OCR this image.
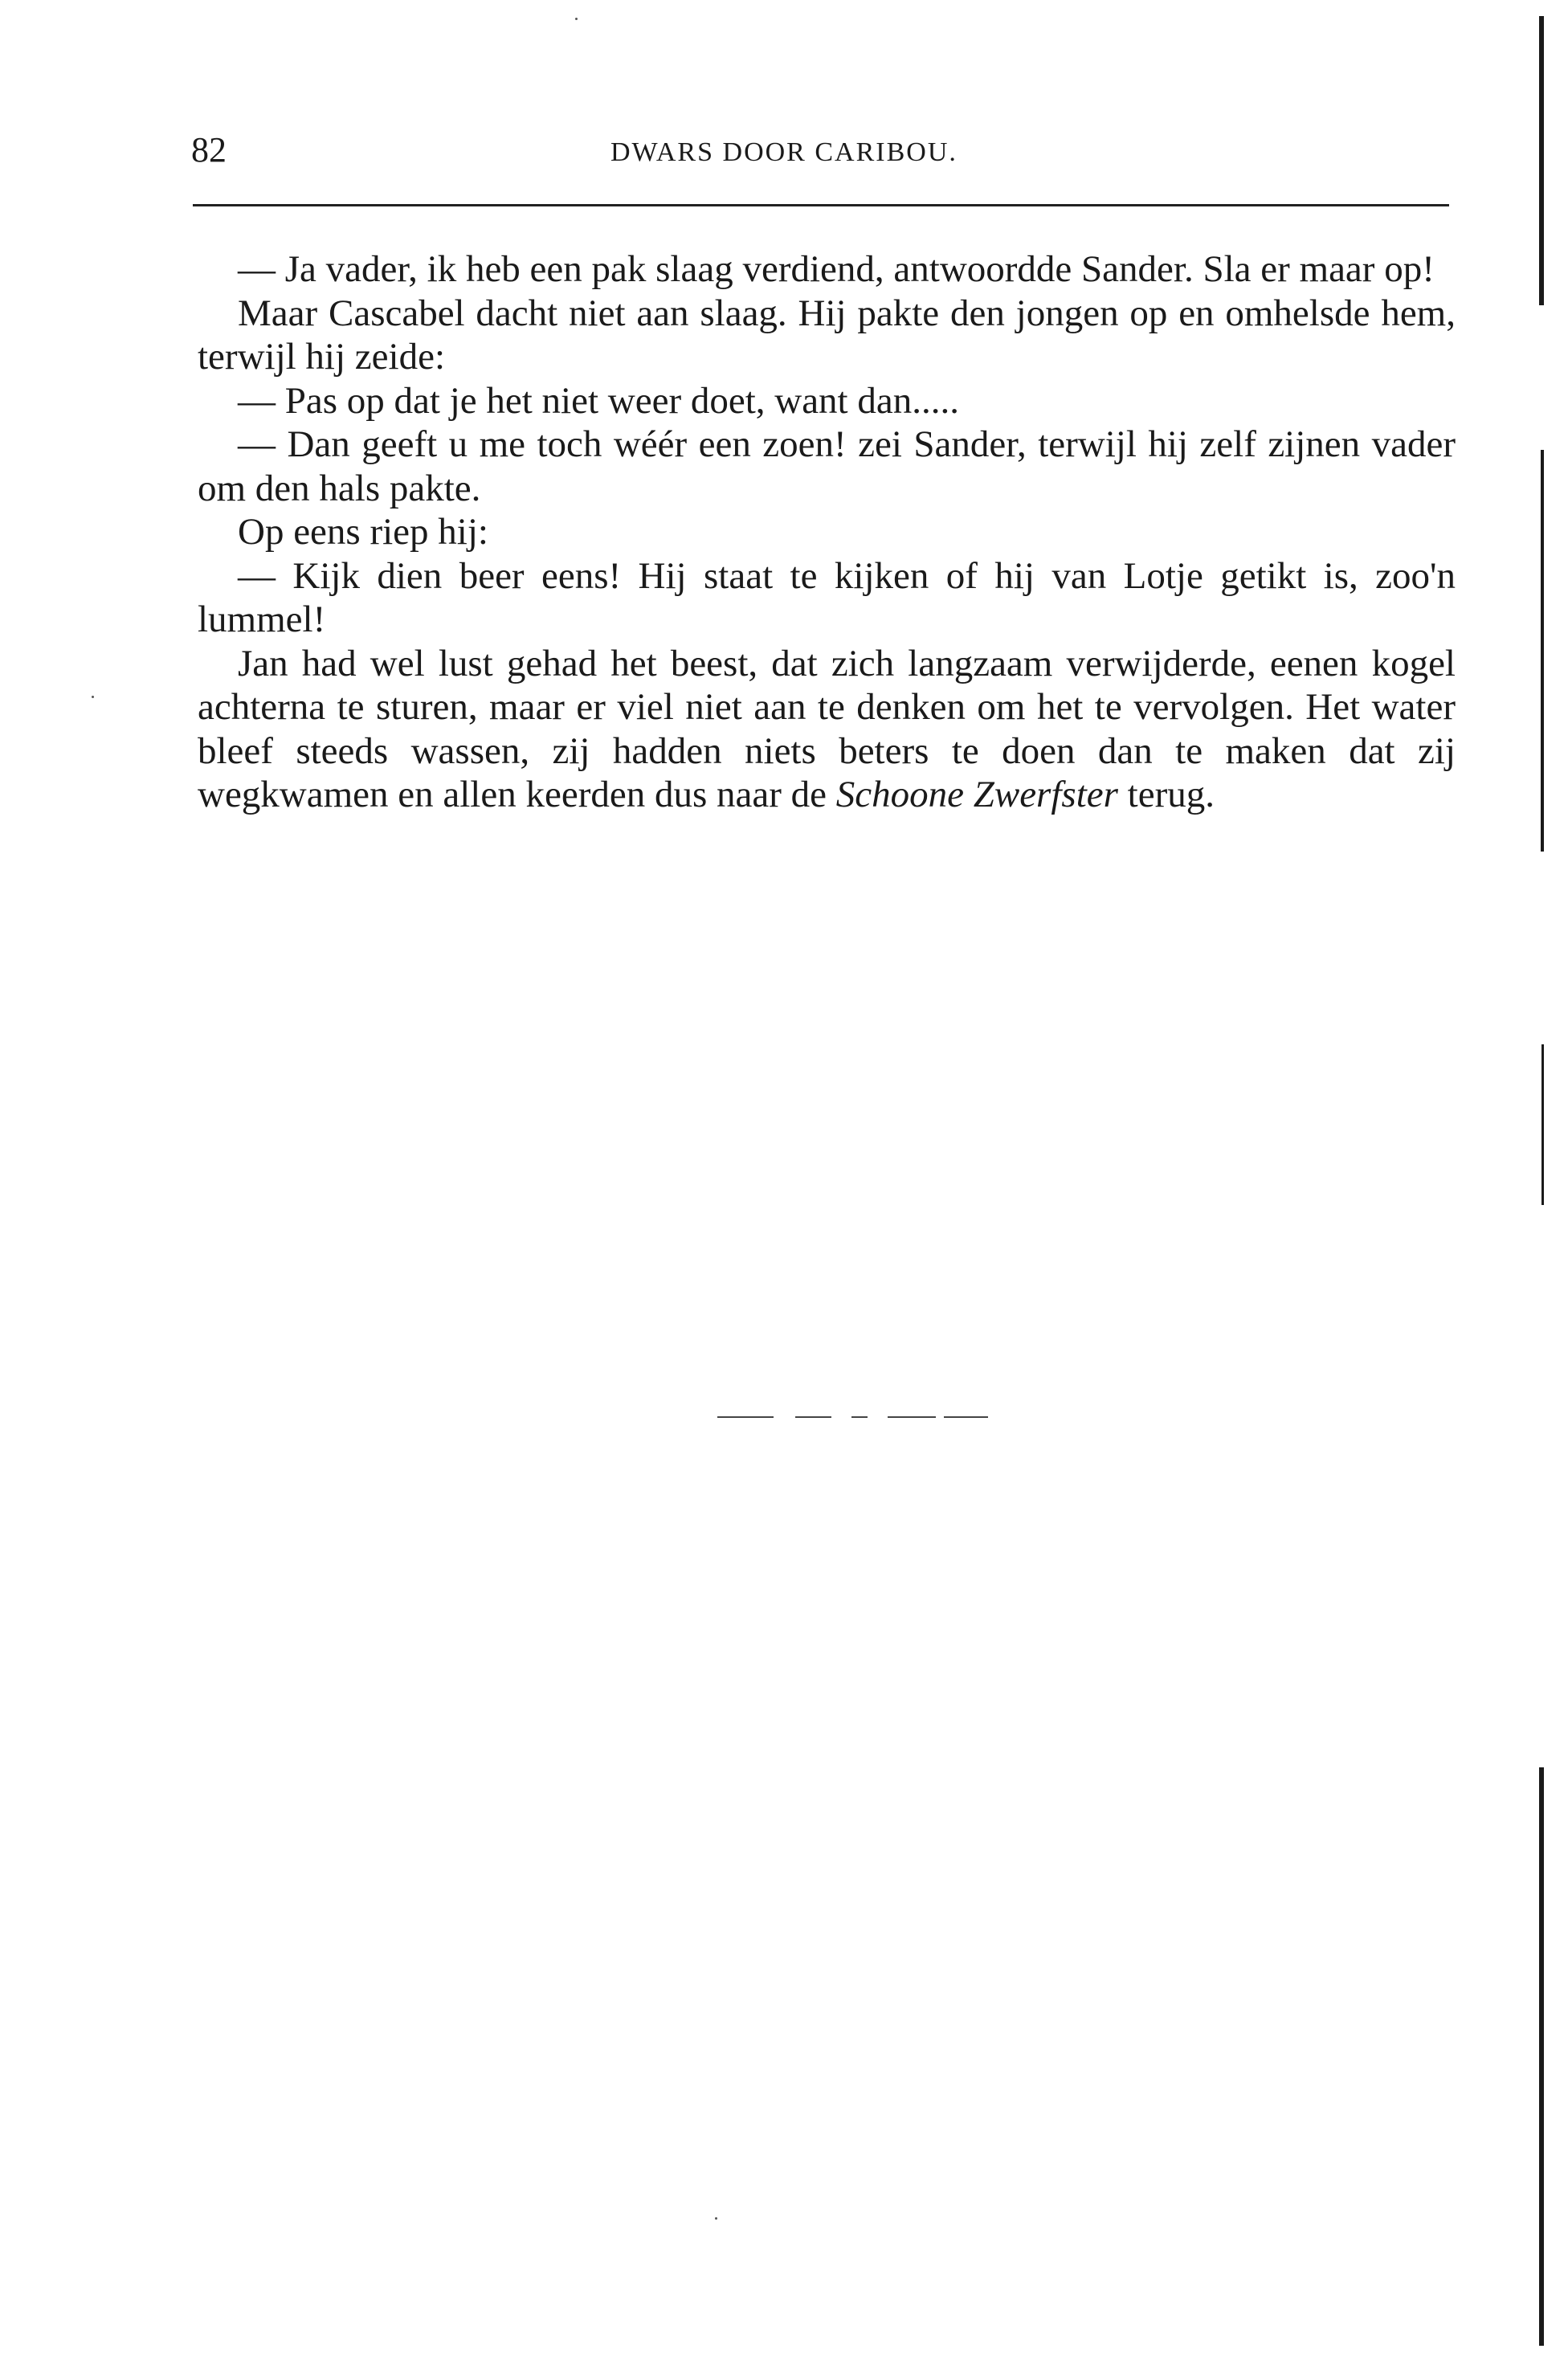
82	DWARS DOOR CARIBOU.

— Ja vader, ik heb een pak slaag verdiend, antwoordde Sander. Sla er maar op!

Maar Cascabel dacht niet aan slaag. Hij pakte den jongen op en omhelsde hem, terwijl hij zeide:

— Pas op dat je het niet weer doet, want dan.....

— Dan geeft u me toch wéér een zoen! zei Sander, terwijl hij zelf zijnen vader om den hals pakte.

Op eens riep hij:

— Kijk dien beer eens! Hij staat te kijken of hij van Lotje getikt is, zoo'n lummel!

Jan had wel lust gehad het beest, dat zich langzaam verwijderde, eenen kogel achterna te sturen, maar er viel niet aan te denken om het te vervolgen. Het water bleef steeds wassen, zij hadden niets beters te doen dan te maken dat zij wegkwamen en allen keerden dus naar de Schoone Zwerfster terug.
